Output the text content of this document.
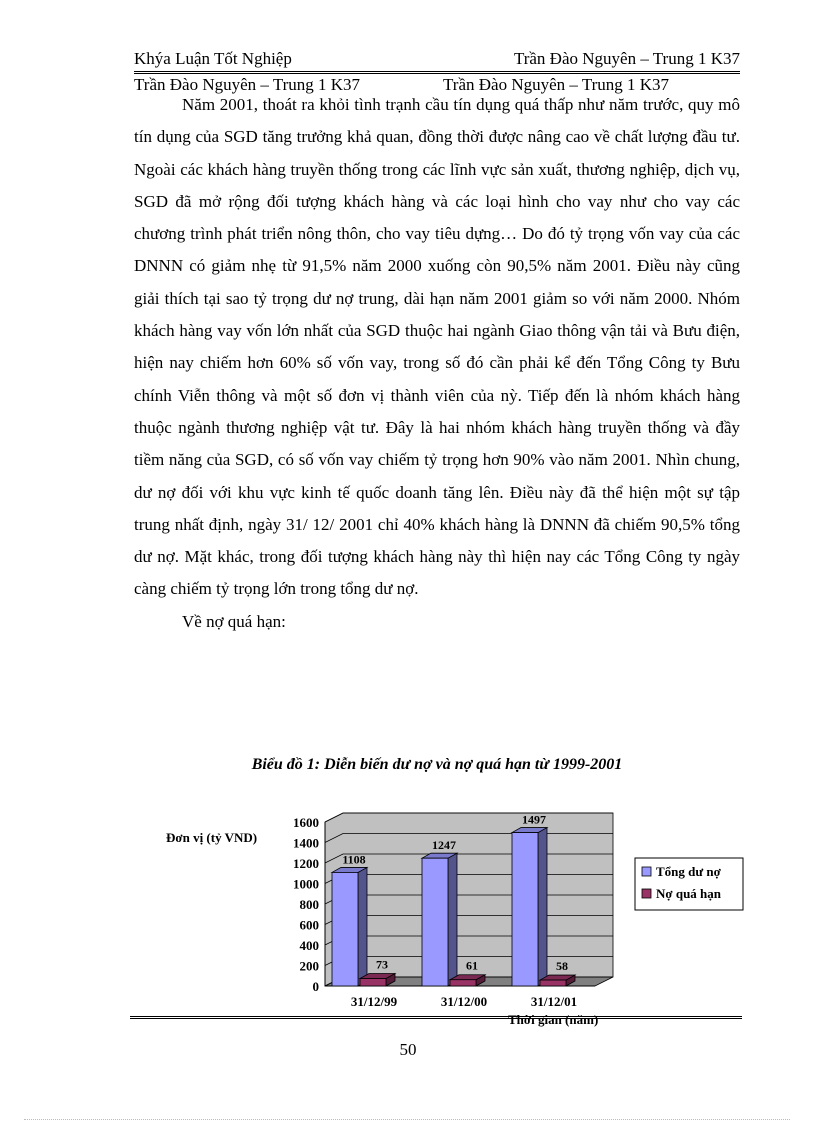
Khýa Luận Tốt Nghiệp	Trần Đào Nguyên – Trung 1 K37
Trần Đào Nguyên – Trung 1 K37	Trần Đào Nguyên – Trung 1 K37

Năm 2001, thoát ra khỏi tình trạnh cầu tín dụng quá thấp như năm trước, quy mô tín dụng của SGD tăng trưởng khả quan, đồng thời được nâng cao về chất lượng đầu tư. Ngoài các khách hàng truyền thống trong các lĩnh vực sản xuất, thương nghiệp, dịch vụ, SGD đã mở rộng đối tượng khách hàng và các loại hình cho vay như cho vay các chương trình phát triển nông thôn, cho vay tiêu dựng… Do đó tỷ trọng vốn vay của các DNNN có giảm nhẹ từ 91,5% năm 2000 xuống còn 90,5% năm 2001. Điều này cũng giải thích tại sao tỷ trọng dư nợ trung, dài hạn năm 2001 giảm so với năm 2000. Nhóm khách hàng vay vốn lớn nhất của SGD thuộc hai ngành Giao thông vận tải và Bưu điện, hiện nay chiếm hơn 60% số vốn vay, trong số đó cần phải kể đến Tổng Công ty Bưu chính Viễn thông và một số đơn vị thành viên của nỳ. Tiếp đến là nhóm khách hàng thuộc ngành thương nghiệp vật tư. Đây là hai nhóm khách hàng truyền thống và đầy tiềm năng của SGD, có số vốn vay chiếm tỷ trọng hơn 90% vào năm 2001. Nhìn chung, dư nợ đối với khu vực kinh tế quốc doanh tăng lên. Điều này đã thể hiện một sự tập trung nhất định, ngày 31/ 12/ 2001 chỉ 40% khách hàng là DNNN đã chiếm 90,5% tổng dư nợ. Mặt khác, trong đối tượng khách hàng này thì hiện nay các Tổng Công ty ngày càng chiếm tỷ trọng lớn trong tổng dư nợ.

Về nợ quá hạn:

Biểu đồ 1: Diễn biến dư nợ và nợ quá hạn từ 1999-2001
0
200
400
600
800
1000
1200
1400
1600
1108
73
31/12/99
1247
61
31/12/00
1497
58
31/12/01
Đơn vị (tỷ VND)
Thời gian (năm)
Tổng dư nợ
Nợ quá hạn
50
